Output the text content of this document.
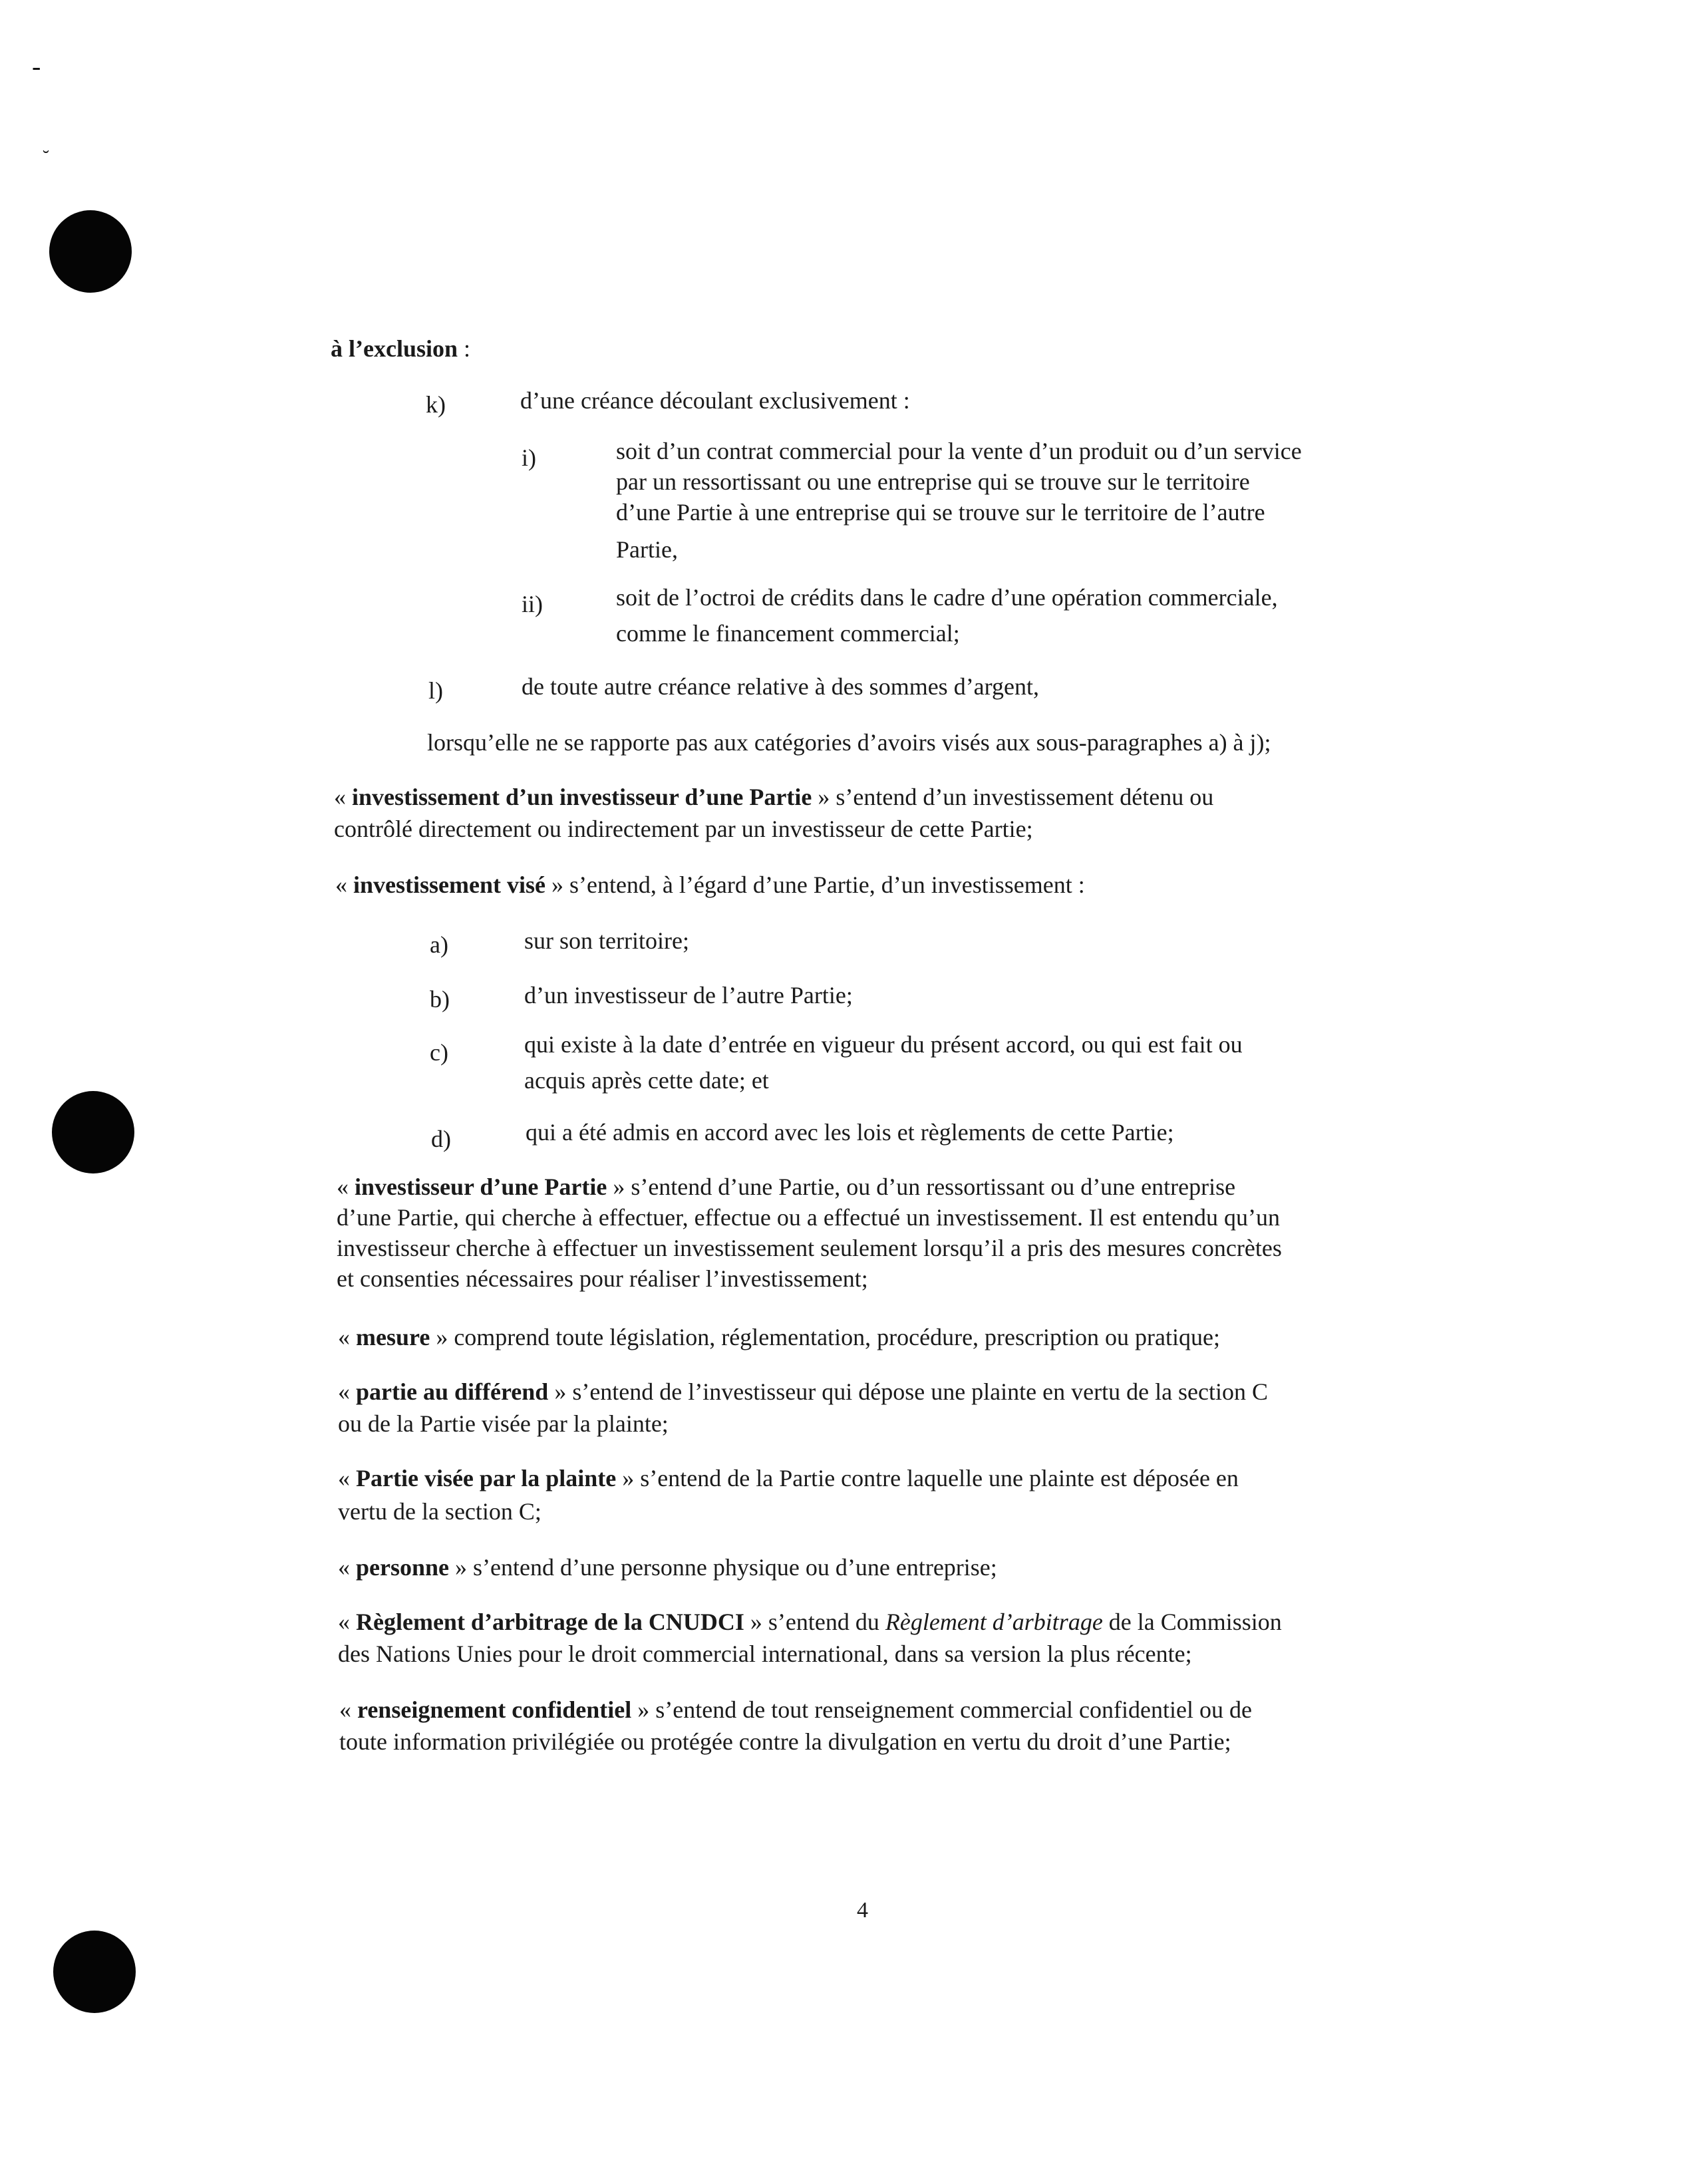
-
˘
à l’exclusion :
k)	d’une créance découlant exclusivement :
i)	soit d’un contrat commercial pour la vente d’un produit ou d’un service
par un ressortissant ou une entreprise qui se trouve sur le territoire
d’une Partie à une entreprise qui se trouve sur le territoire de l’autre
Partie,
ii)	soit de l’octroi de crédits dans le cadre d’une opération commerciale,
comme le financement commercial;
l)	de toute autre créance relative à des sommes d’argent,
lorsqu’elle ne se rapporte pas aux catégories d’avoirs visés aux sous-paragraphes a) à j);
« investissement d’un investisseur d’une Partie » s’entend d’un investissement détenu ou
contrôlé directement ou indirectement par un investisseur de cette Partie;
« investissement visé » s’entend, à l’égard d’une Partie, d’un investissement :
a)	sur son territoire;
b)	d’un investisseur de l’autre Partie;
c)	qui existe à la date d’entrée en vigueur du présent accord, ou qui est fait ou
acquis après cette date; et
d)	qui a été admis en accord avec les lois et règlements de cette Partie;
« investisseur d’une Partie » s’entend d’une Partie, ou d’un ressortissant ou d’une entreprise
d’une Partie, qui cherche à effectuer, effectue ou a effectué un investissement. Il est entendu qu’un
investisseur cherche à effectuer un investissement seulement lorsqu’il a pris des mesures concrètes
et consenties nécessaires pour réaliser l’investissement;
« mesure » comprend toute législation, réglementation, procédure, prescription ou pratique;
« partie au différend » s’entend de l’investisseur qui dépose une plainte en vertu de la section C
ou de la Partie visée par la plainte;
« Partie visée par la plainte » s’entend de la Partie contre laquelle une plainte est déposée en
vertu de la section C;
« personne » s’entend d’une personne physique ou d’une entreprise;
« Règlement d’arbitrage de la CNUDCI » s’entend du Règlement d’arbitrage de la Commission
des Nations Unies pour le droit commercial international, dans sa version la plus récente;
« renseignement confidentiel » s’entend de tout renseignement commercial confidentiel ou de
toute information privilégiée ou protégée contre la divulgation en vertu du droit d’une Partie;
4
